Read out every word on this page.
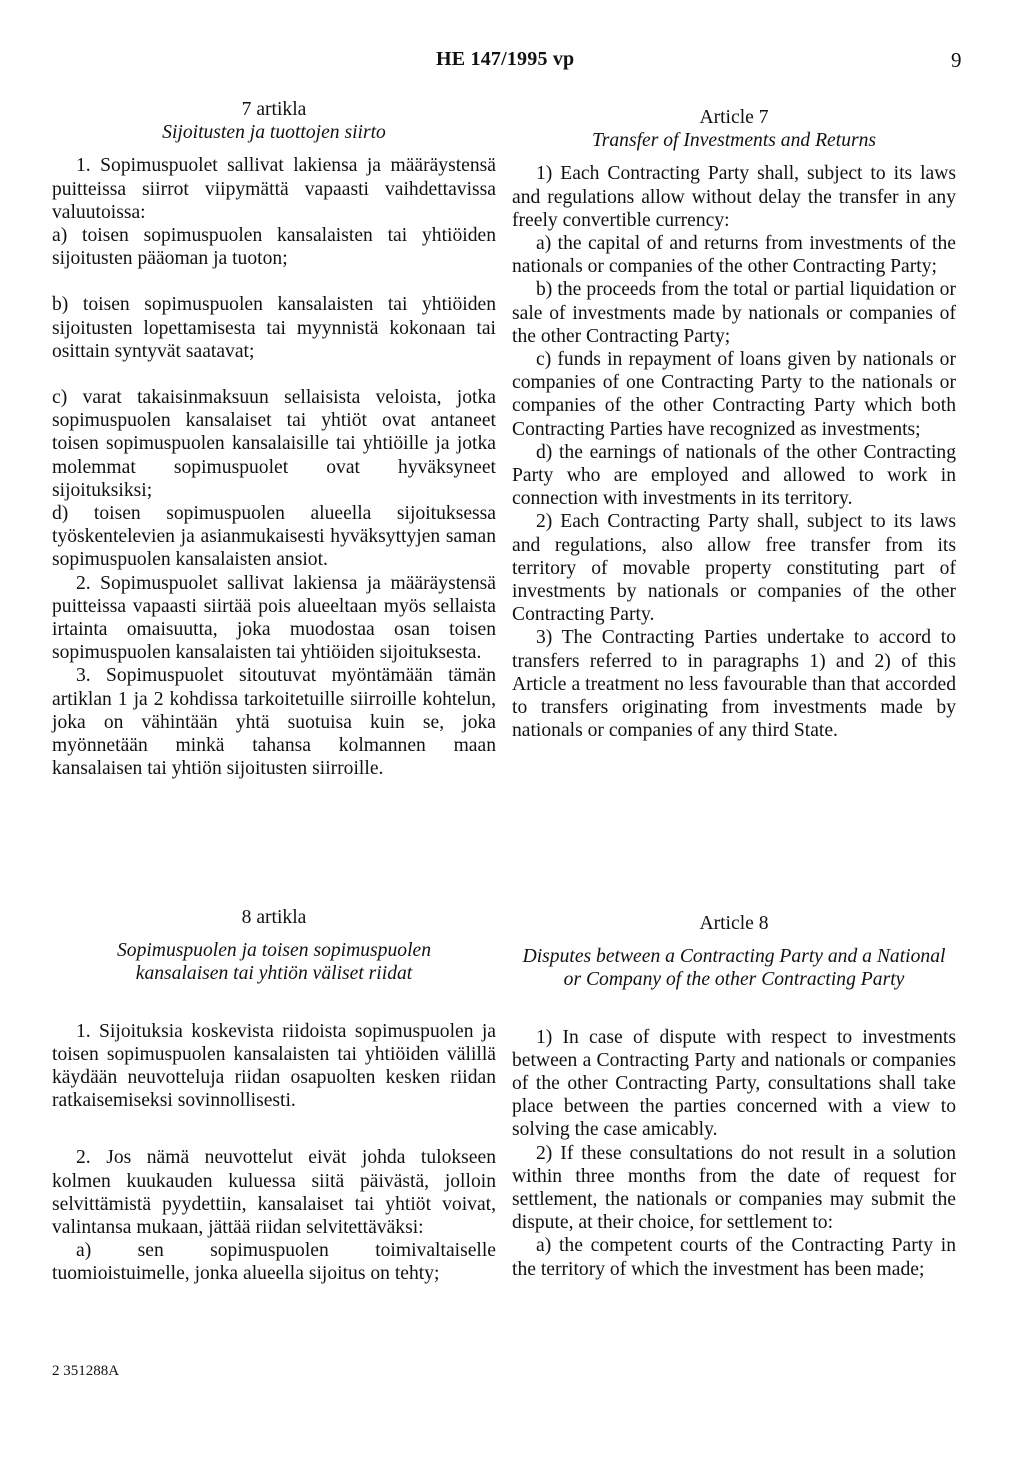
HE 147/1995 vp	9

7 artikla

Sijoitusten ja tuottojen siirto

1. Sopimuspuolet sallivat lakiensa ja määräystensä puitteissa siirrot viipymättä vapaasti vaihdettavissa valuutoissa:

a) toisen sopimuspuolen kansalaisten tai yhtiöiden sijoitusten pääoman ja tuoton;

b) toisen sopimuspuolen kansalaisten tai yhtiöiden sijoitusten lopettamisesta tai myynnistä kokonaan tai osittain syntyvät saatavat;

c) varat takaisinmaksuun sellaisista veloista, jotka sopimuspuolen kansalaiset tai yhtiöt ovat antaneet toisen sopimuspuolen kansalaisille tai yhtiöille ja jotka molemmat sopimuspuolet ovat hyväksyneet sijoituksiksi;

d) toisen sopimuspuolen alueella sijoituksessa työskentelevien ja asianmukaisesti hyväksyttyjen saman sopimuspuolen kansalaisten ansiot.

2. Sopimuspuolet sallivat lakiensa ja määräystensä puitteissa vapaasti siirtää pois alueeltaan myös sellaista irtainta omaisuutta, joka muodostaa osan toisen sopimuspuolen kansalaisten tai yhtiöiden sijoituksesta.

3. Sopimuspuolet sitoutuvat myöntämään tämän artiklan 1 ja 2 kohdissa tarkoitetuille siirroille kohtelun, joka on vähintään yhtä suotuisa kuin se, joka myönnetään minkä tahansa kolmannen maan kansalaisen tai yhtiön sijoitusten siirroille.

Article 7

Transfer of Investments and Returns

1) Each Contracting Party shall, subject to its laws and regulations allow without delay the transfer in any freely convertible currency:

a) the capital of and returns from investments of the nationals or companies of the other Contracting Party;

b) the proceeds from the total or partial liquidation or sale of investments made by nationals or companies of the other Contracting Party;

c) funds in repayment of loans given by nationals or companies of one Contracting Party to the nationals or companies of the other Contracting Party which both Contracting Parties have recognized as investments;

d) the earnings of nationals of the other Contracting Party who are employed and allowed to work in connection with investments in its territory.

2) Each Contracting Party shall, subject to its laws and regulations, also allow free transfer from its territory of movable property constituting part of investments by nationals or companies of the other Contracting Party.

3) The Contracting Parties undertake to accord to transfers referred to in paragraphs 1) and 2) of this Article a treatment no less favourable than that accorded to transfers originating from investments made by nationals or companies of any third State.

8 artikla

Sopimuspuolen ja toisen sopimuspuolen kansalaisen tai yhtiön väliset riidat

1. Sijoituksia koskevista riidoista sopimuspuolen ja toisen sopimuspuolen kansalaisten tai yhtiöiden välillä käydään neuvotteluja riidan osapuolten kesken riidan ratkaisemiseksi sovinnollisesti.

2. Jos nämä neuvottelut eivät johda tulokseen kolmen kuukauden kuluessa siitä päivästä, jolloin selvittämistä pyydettiin, kansalaiset tai yhtiöt voivat, valintansa mukaan, jättää riidan selvitettäväksi:

a) sen sopimuspuolen toimivaltaiselle tuomioistuimelle, jonka alueella sijoitus on tehty;

Article 8

Disputes between a Contracting Party and a National or Company of the other Contracting Party

1) In case of dispute with respect to investments between a Contracting Party and nationals or companies of the other Contracting Party, consultations shall take place between the parties concerned with a view to solving the case amicably.

2) If these consultations do not result in a solution within three months from the date of request for settlement, the nationals or companies may submit the dispute, at their choice, for settlement to:

a) the competent courts of the Contracting Party in the territory of which the investment has been made;

2 351288A
